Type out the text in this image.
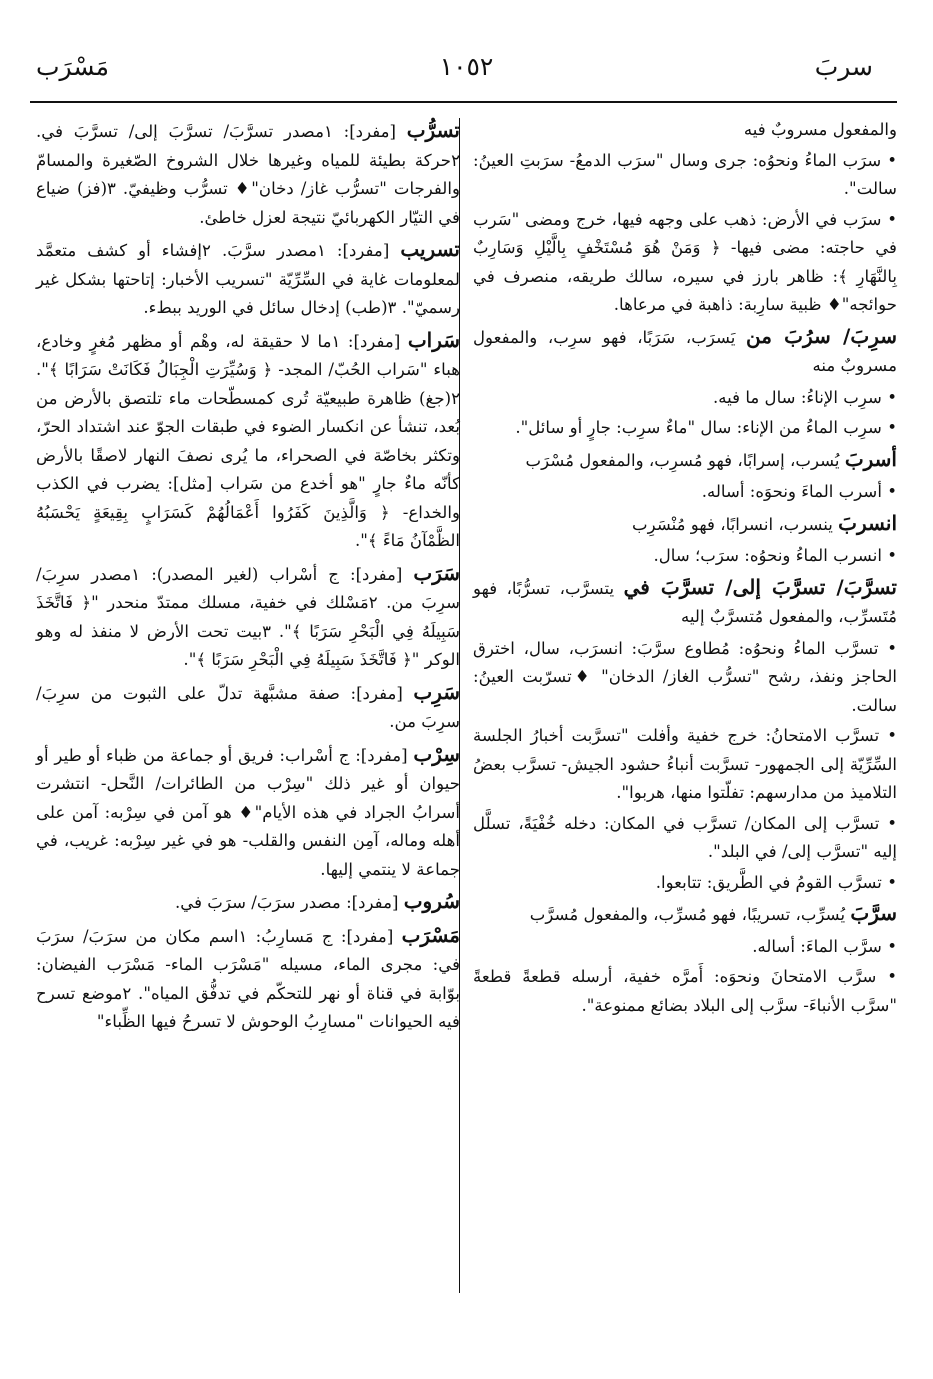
سربَ
١٠٥٢
مَسْرَب

والمفعول مسروبٌ فيه

• سرَب الماءُ ونحوُه: جرى وسال "سرَب الدمعُ- سرَبتِ العينُ: سالت".

• سرَب في الأرض: ذهب على وجهه فيها، خرج ومضى "سَرب في حاجته: مضى فيها- ﴿ وَمَنْ هُوَ مُسْتَخْفٍ بِالَّيْلِ وَسَارِبٌ بِالنَّهَارِ ﴾: ظاهر بارز في سيره، سالك طريقه، منصرف في حوائجه"♦ ظبية سارِبة: ذاهبة في مرعاها.

سرِبَ/ سرُبَ من يَسرَب، سَرَبًا، فهو سرِب، والمفعول مسروبٌ منه

• سرِب الإناءُ: سال ما فيه.

• سرِب الماءُ من الإناء: سال "ماءٌ سرِب: جارٍ أو سائل".

أسربَ يُسرب، إسرابًا، فهو مُسرِب، والمفعول مُسْرَب

• أسرب الماءَ ونحوَه: أساله.

انسربَ ينسرب، انسرابًا، فهو مُنْسَرِب

• انسرب الماءُ ونحوُه: سرَب؛ سال.

تسرَّبَ/ تسرَّبَ إلى/ تسرَّبَ في يتسرَّب، تسرُّبًا، فهو مُتَسرِّب، والمفعول مُتسرَّبٌ إليه

• تسرَّب الماءُ ونحوُه: مُطاوع سرَّبَ: انسرَب، سال، اخترق الحاجز ونفذ، رشح "تسرُّب الغاز/ الدخان" ♦تسرّبت العينُ: سالت.

• تسرَّب الامتحانُ: خرج خفية وأفلت "تسرَّبت أخبارُ الجلسة السِّرِّيّة إلى الجمهور- تسرَّبت أنباءُ حشود الجيش- تسرَّب بعضُ التلاميذ من مدارسهم: تفلّتوا منها، هربوا".

• تسرَّب إلى المكان/ تسرَّب في المكان: دخله خُفْيَةً، تسلَّل إليه "تسرَّب إلى/ في البلد".

• تسرَّب القومُ في الطَّريق: تتابعوا.

سرَّبَ يُسرِّب، تسريبًا، فهو مُسرِّب، والمفعول مُسرَّب

• سرَّب الماءَ: أساله.

• سرَّب الامتحانَ ونحوَه: أَمرَّه خفية، أرسله قطعةً قطعةً "سرَّب الأنباءَ- سرَّب إلى البلاد بضائع ممنوعة".

تسرُّب [مفرد]: ١مصدر تسرَّبَ/ تسرَّبَ إلى/ تسرَّبَ في. ٢حركة بطيئة للمياه وغيرها خلال الشروخ الصّغيرة والمسامّ والفرجات "تسرُّب غاز/ دخان"♦ تسرُّب وظيفيّ. ٣(فز) ضياع في التيّار الكهربائيّ نتيجة لعزل خاطئ.

تسريب [مفرد]: ١مصدر سرَّبَ. ٢إفشاء أو كشف متعمَّد لمعلومات غاية في السِّرِّيّة "تسريب الأخبار: إتاحتها بشكل غير رسميّ". ٣(طب) إدخال سائل في الوريد ببطء.

سَراب [مفرد]: ١ما لا حقيقة له، وهْم أو مظهر مُغرٍ وخادع، هباء "سَراب الحُبّ/ المجد- ﴿ وَسُيِّرَتِ الْجِبَالُ فَكَانَتْ سَرَابًا ﴾". ٢(جغ) ظاهرة طبيعيّة تُرى كمسطّحات ماء تلتصق بالأرض من بُعد، تنشأ عن انكسار الضوء في طبقات الجوّ عند اشتداد الحرّ، وتكثر بخاصّة في الصحراء، ما يُرى نصفَ النهار لاصقًا بالأرض كأنّه ماءٌ جارٍ "هو أخدع من سَراب [مثل]: يضرب في الكذب والخداع- ﴿ وَالَّذِينَ كَفَرُوا أَعْمَالُهُمْ كَسَرَابٍ بِقِيعَةٍ يَحْسَبُهُ الظَّمْآنُ مَاءً ﴾".

سَرَب [مفرد]: ج أسْراب (لغير المصدر): ١مصدر سرِبَ/ سرِبَ من. ٢مَسْلك في خفية، مسلك ممتدّ منحدر "﴿ فَاتَّخَذَ سَبِيلَهُ فِي الْبَحْرِ سَرَبًا ﴾". ٣بيت تحت الأرض لا منفذ له وهو الوكر "﴿ فَاتَّخَذَ سَبِيلَهُ فِي الْبَحْرِ سَرَبًا ﴾".

سَرِب [مفرد]: صفة مشبَّهة تدلّ على الثبوت من سرِبَ/ سرِبَ من.

سِرْب [مفرد]: ج أسْراب: فريق أو جماعة من ظباء أو طير أو حيوان أو غير ذلك "سِرْب من الطائرات/ النَّحل- انتشرت أسرابُ الجراد في هذه الأيام"♦ هو آمن في سِرْبه: آمن على أهله وماله، آمِن النفس والقلب- هو في غير سِرْبه: غريب، في جماعة لا ينتمي إليها.

سُروب [مفرد]: مصدر سرَبَ/ سرَبَ في.

مَسْرَب [مفرد]: ج مَسارِبُ: ١اسم مكان من سرَبَ/ سرَبَ في: مجرى الماء، مسيله "مَسْرَب الماء- مَسْرَب الفيضان: بوّابة في قناة أو نهر للتحكّم في تدفُّق المياه". ٢موضع تسرح فيه الحيوانات "مسارِبُ الوحوش لا تسرحُ فيها الظِّباء"
